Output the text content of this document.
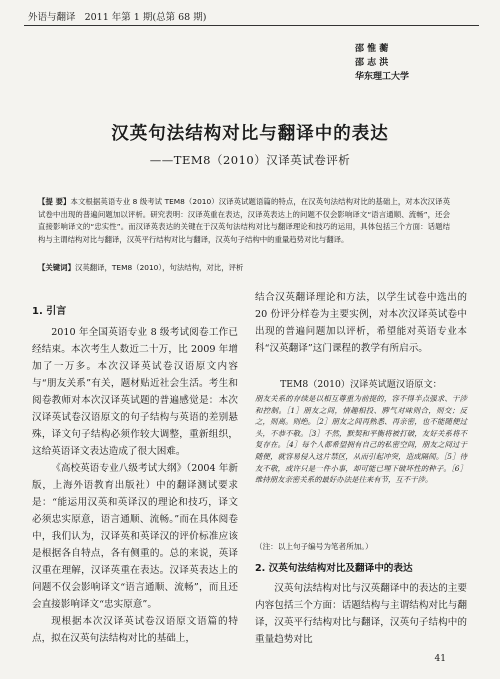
外语与翻译 2011 年第 1 期(总第 68 期)
邵 惟 蘅
邵 志 洪
华东理工大学
汉英句法结构对比与翻译中的表达
——TEM8（2010）汉译英试卷评析
【提 要】本文根据英语专业 8 级考试 TEM8（2010）汉译英试题语篇的特点，在汉英句法结构对比的基础上，对本次汉译英试卷中出现的普遍问题加以评析。研究表明：汉译英重在表达，汉译英表达上的问题不仅会影响译文“语言通顺、流畅”，还会直接影响译文的“忠实性”。而汉译英表达的关键在于汉英句法结构对比与翻译理论和技巧的运用，具体包括三个方面：话题结构与主谓结构对比与翻译，汉英平行结构对比与翻译，汉英句子结构中的重量趋势对比与翻译。
【关键词】汉英翻译，TEM8（2010），句法结构，对比，评析
1. 引言

2010 年全国英语专业 8 级考试阅卷工作已经结束。本次考生人数近二十万，比 2009 年增加了一万多。本次汉译英试卷汉语原文内容与“朋友关系”有关，题材贴近社会生活。考生和阅卷教师对本次汉译英试题的普遍感觉是：本次汉译英试卷汉语原文的句子结构与英语的差别悬殊，译文句子结构必须作较大调整，重新组织，这给英语译文表达造成了很大困难。

《高校英语专业八级考试大纲》（2004 年新版，上海外语教育出版社）中的翻译测试要求是：“能运用汉英和英译汉的理论和技巧，译文必须忠实原意，语言通顺、流畅。”而在具体阅卷中，我们认为，汉译英和英译汉的评价标准应该是根据各自特点，各有侧重的。总的来说，英译汉重在理解，汉译英重在表达。汉译英表达上的问题不仅会影响译文“语言通顺、流畅”，而且还会直接影响译文“忠实原意”。

现根据本次汉译英试卷汉语原文语篇的特点，拟在汉英句法结构对比的基础上，

结合汉英翻译理论和方法，以学生试卷中选出的 20 份评分样卷为主要实例，对本次汉译英试卷中出现的普遍问题加以评析，希望能对英语专业本科“汉英翻译”这门课程的教学有所启示。

TEM8（2010）汉译英试题汉语原文：
朋友关系的存续是以相互尊重为前提的，容不得半点强求、干涉和控制。［1］朋友之间，情趣相投、脾气对味则合，则交；反之，则离。则绝。［2］朋友之间再熟悉、再亲密，也不能随便过头，不恭不敬。［3］不然，默契和平衡将被打破，友好关系将不复存在。［4］每个人都希望拥有自己的私密空间，朋友之间过于随便，就容易侵入这片禁区，从而引起冲突，造成隔阂。［5］待友不敬，或许只是一件小事，却可能已埋下破坏性的种子。［6］维持朋友亲密关系的最好办法是往来有节，互不干涉。
（注：以上句子编号为笔者所加。）
2. 汉英句法结构对比及翻译中的表达

汉英句法结构对比与汉英翻译中的表达的主要内容包括三个方面：话题结构与主谓结构对比与翻译，汉英平行结构对比与翻译，汉英句子结构中的重量趋势对比

41
